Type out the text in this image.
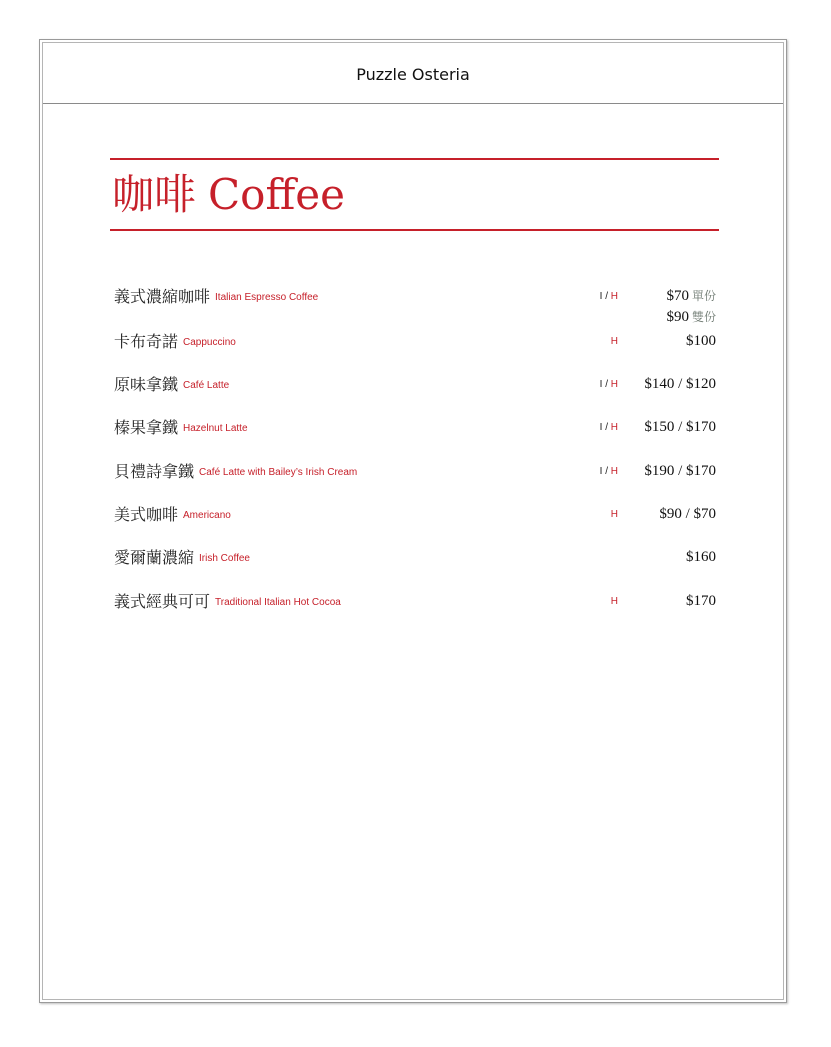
Puzzle Osteria
咖啡 Coffee
義式濃縮咖啡 Italian Espresso Coffee	I / H	$70 單份
$90 雙份
卡布奇諾 Cappuccino	H	$100
原味拿鐵 Café Latte	I / H $140 / $120
榛果拿鐵 Hazelnut Latte	I / H $150 / $170
貝禮詩拿鐵 Café Latte with Bailey’s Irish Cream	I / H $190 / $170
美式咖啡 Americano	H	$90 / $70
愛爾蘭濃縮 Irish Coffee	$160
義式經典可可 Traditional Italian Hot Cocoa	H	$170
